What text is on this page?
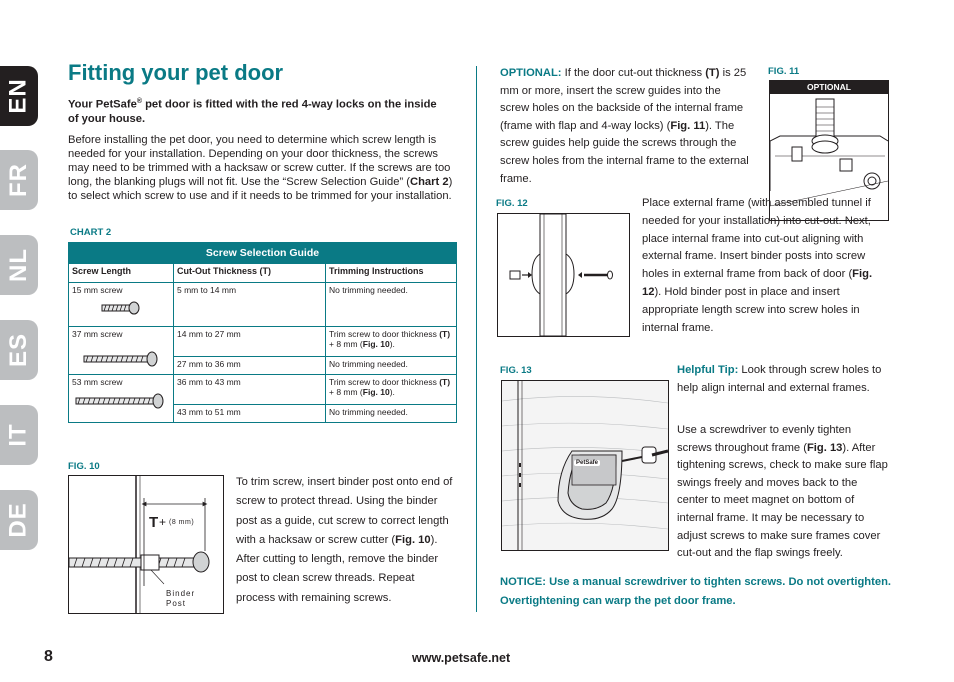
EN
FR
NL
ES
IT
DE
Fitting your pet door

Your PetSafe® pet door is fitted with the red 4-way locks on the inside of your house.

Before installing the pet door, you need to determine which screw length is needed for your installation. Depending on your door thickness, the screws may need to be trimmed with a hacksaw or screw cutter. If the screws are too long, the blanking plugs will not fit. Use the “Screw Selection Guide” (Chart 2) to select which screw to use and if it needs to be trimmed for your installation.

CHART 2
Screw Selection Guide		
Screw Length	Cut-Out Thickness (T)	Trimming Instructions
15 mm screw	5 mm to 14 mm	No trimming needed.
37 mm screw	14 mm to 27 mm	Trim screw to door thickness (T) + 8 mm (Fig. 10).
	27 mm to 36 mm	No trimming needed.
53 mm screw	36 mm to 43 mm	Trim screw to door thickness (T) + 8 mm (Fig. 10).
	43 mm to 51 mm	No trimming needed.
FIG. 10
T + (8 mm)
Binder
Post

To trim screw, insert binder post onto end of screw to protect thread. Using the binder post as a guide, cut screw to correct length with a hacksaw or screw cutter (Fig. 10). After cutting to length, remove the binder post to clean screw threads. Repeat process with remaining screws.

OPTIONAL: If the door cut-out thickness (T) is 25 mm or more, insert the screw guides into the screw holes on the backside of the internal frame (frame with flap and 4-way locks) (Fig. 11). The screw guides help guide the screws through the screw holes from the internal frame to the external frame.

FIG. 11
OPTIONAL
FIG. 12	Place external frame (with assembled tunnel if needed for your installation) into cut-out. Next, place internal frame into cut-out aligning with external frame. Insert binder posts into screw holes in external frame from back of door (Fig. 12). Hold binder post in place and insert appropriate length screw into screw holes in internal frame.

FIG. 13
PetSafe

Helpful Tip: Look through screw holes to help align internal and external frames.

Use a screwdriver to evenly tighten screws throughout frame (Fig. 13). After tightening screws, check to make sure flap swings freely and moves back to the center to meet magnet on bottom of internal frame. It may be necessary to adjust screws to make sure frames cover cut-out and the flap swings freely.

NOTICE: Use a manual screwdriver to tighten screws. Do not overtighten. Overtightening can warp the pet door frame.

8	www.petsafe.net
